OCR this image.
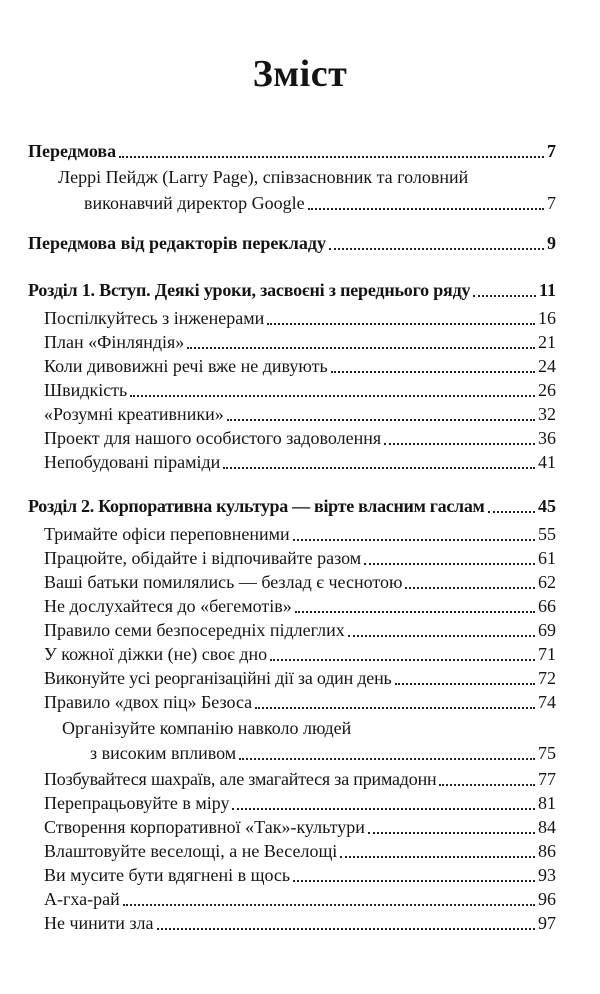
Зміст
Передмова	7
Леррі Пейдж (Larry Page), співзасновник та головний
виконавчий директор Google	7
Передмова від редакторів перекладу	9
Розділ 1. Вступ. Деякі уроки, засвоєні з переднього ряду	11
Поспілкуйтесь з інженерами	16
План «Фінляндія»	21
Коли дивовижні речі вже не дивують	24
Швидкість	26
«Розумні креативники»	32
Проект для нашого особистого задоволення	36
Непобудовані піраміди	41
Розділ 2. Корпоративна культура — вірте власним гаслам	45
Тримайте офіси переповненими	55
Працюйте, обідайте і відпочивайте разом	61
Ваші батьки помилялись — безлад є чеснотою	62
Не дослухайтеся до «бегемотів»	66
Правило семи безпосередніх підлеглих	69
У кожної діжки (не) своє дно	71
Виконуйте усі реорганізаційні дії за один день	72
Правило «двох піц» Безоса	74
Організуйте компанію навколо людей
з високим впливом	75
Позбувайтеся шахраїв, але змагайтеся за примадонн	77
Перепрацьовуйте в міру	81
Створення корпоративної «Так»-культури	84
Влаштовуйте веселощі, а не Веселощі	86
Ви мусите бути вдягнені в щось	93
А-гха-рай	96
Не чинити зла	97
